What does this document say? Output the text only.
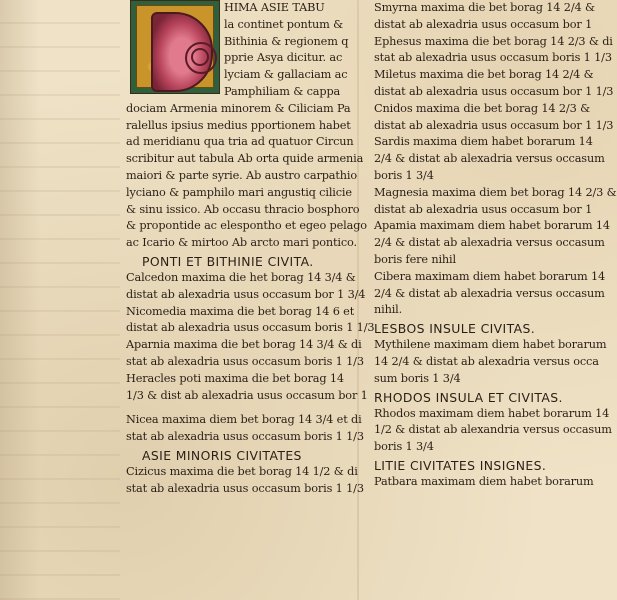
HIMA ASIE TABU
la continet pontum &
Bithinia & regionem q
pprie Asya dicitur. ac
lyciam & gallaciam ac
Pamphiliam & cappa
dociam Armenia minorem & Ciliciam Pa
ralellus ipsius medius pportionem habet
ad meridianu qua tria ad quatuor Circun
scribitur aut tabula Ab orta quide armenia
maiori & parte syrie. Ab austro carpathio
lyciano & pamphilo mari angustiq cilicie
& sinu issico. Ab occasu thracio bosphoro
& propontide ac elespontho et egeo pelago
ac Icario & mirtoo Ab arcto mari pontico.
PONTI ET BITHINIE CIVITA.
Calcedon maxima die het borag 14 3/4 &
distat ab alexadria usus occasum bor 1 3/4
Nicomedia maxima die bet borag 14 6 et
distat ab alexadria usus occasum boris 1 1/3
Aparnia maxima die bet borag 14 3/4 & di
stat ab alexadria usus occasum boris 1 1/3
Heracles poti maxima die bet borag 14
1/3 & dist ab alexadria usus occasum bor 1
Nicea maxima diem bet borag 14 3/4 et di
stat ab alexadria usus occasum boris 1 1/3
ASIE MINORIS CIVITATES
Cizicus maxima die bet borag 14 1/2 & di
stat ab alexadria usus occasum boris 1 1/3
Smyrna maxima die bet borag 14 2/4 &
distat ab alexadria usus occasum bor 1
Ephesus maxima die bet borag 14 2/3 & di
stat ab alexadria usus occasum boris 1 1/3
Miletus maxima die bet borag 14 2/4 &
distat ab alexadria usus occasum bor 1 1/3
Cnidos maxima die bet borag 14 2/3 &
distat ab alexadria usus occasum bor 1 1/3
Sardis maxima diem habet borarum 14
2/4 & distat ab alexadria versus occasum
boris 1 3/4
Magnesia maxima diem bet borag 14 2/3 &
distat ab alexadria usus occasum bor 1
Apamia maximam diem habet borarum 14
2/4 & distat ab alexadria versus occasum
boris fere nihil
Cibera maximam diem habet borarum 14
2/4 & distat ab alexadria versus occasum
nihil.
LESBOS INSULE CIVITAS.
Mythilene maximam diem habet borarum
14 2/4 & distat ab alexadria versus occa
sum boris 1 3/4
RHODOS INSULA ET CIVITAS.
Rhodos maximam diem habet borarum 14
1/2 & distat ab alexandria versus occasum
boris 1 3/4
LITIE CIVITATES INSIGNES.
Patbara maximam diem habet borarum
